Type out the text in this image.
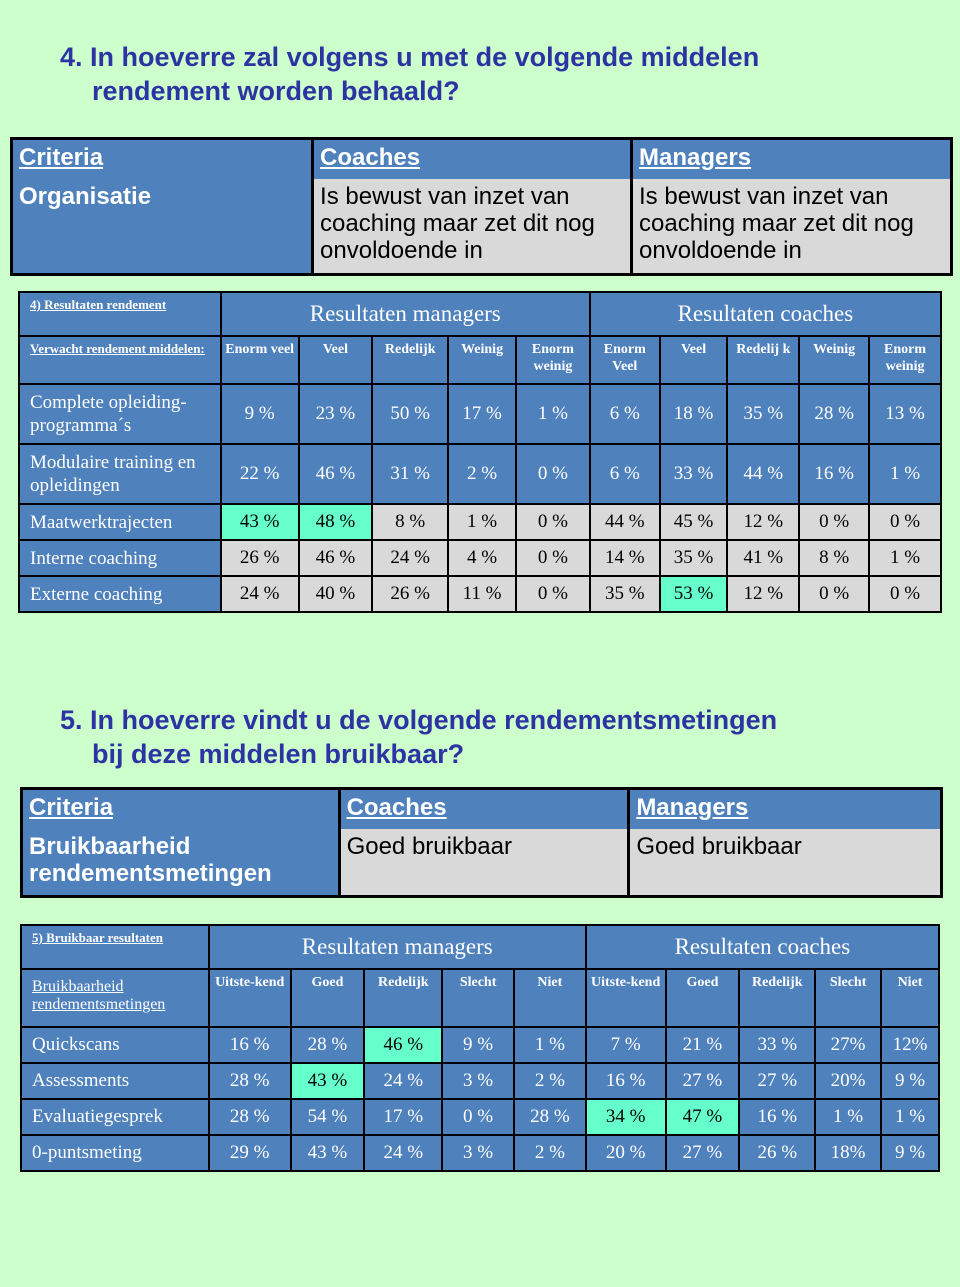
4. In hoeverre zal volgens u met de volgende middelen
rendement worden behaald?
Criteria	Coaches	Managers
Organisatie	Is bewust van inzet van coaching maar zet dit nog onvoldoende in	Is bewust van inzet van coaching maar zet dit nog onvoldoende in
4) Resultaten rendement	Resultaten managers					Resultaten coaches				
Verwacht rendement middelen:	Enorm veel	Veel	Redelijk	Weinig	Enorm weinig	Enorm Veel	Veel	Redelij k	Weinig	Enorm weinig
Complete opleiding-programma´s	9 %	23 %	50 %	17 %	1 %	6 %	18 %	35 %	28 %	13 %
Modulaire training en opleidingen	22 %	46 %	31 %	2 %	0 %	6 %	33 %	44 %	16 %	1 %
Maatwerktrajecten	43 %	48 %	8 %	1 %	0 %	44 %	45 %	12 %	0 %	0 %
Interne coaching	26 %	46 %	24 %	4 %	0 %	14 %	35 %	41 %	8 %	1 %
Externe coaching	24 %	40 %	26 %	11 %	0 %	35 %	53 %	12 %	0 %	0 %
5. In hoeverre vindt u de volgende rendementsmetingen
bij deze middelen bruikbaar?
Criteria	Coaches	Managers
Bruikbaarheid rendementsmetingen	Goed bruikbaar	Goed bruikbaar
5) Bruikbaar resultaten	Resultaten managers					Resultaten coaches				
Bruikbaarheid rendementsmetingen	Uitste-kend	Goed	Redelijk	Slecht	Niet	Uitste-kend	Goed	Redelijk	Slecht	Niet
Quickscans	16 %	28 %	46 %	9 %	1 %	7 %	21 %	33 %	27%	12%
Assessments	28 %	43 %	24 %	3 %	2 %	16 %	27 %	27 %	20%	9 %
Evaluatiegesprek	28 %	54 %	17 %	0 %	28 %	34 %	47 %	16 %	1 %	1 %
0-puntsmeting	29 %	43 %	24 %	3 %	2 %	20 %	27 %	26 %	18%	9 %
